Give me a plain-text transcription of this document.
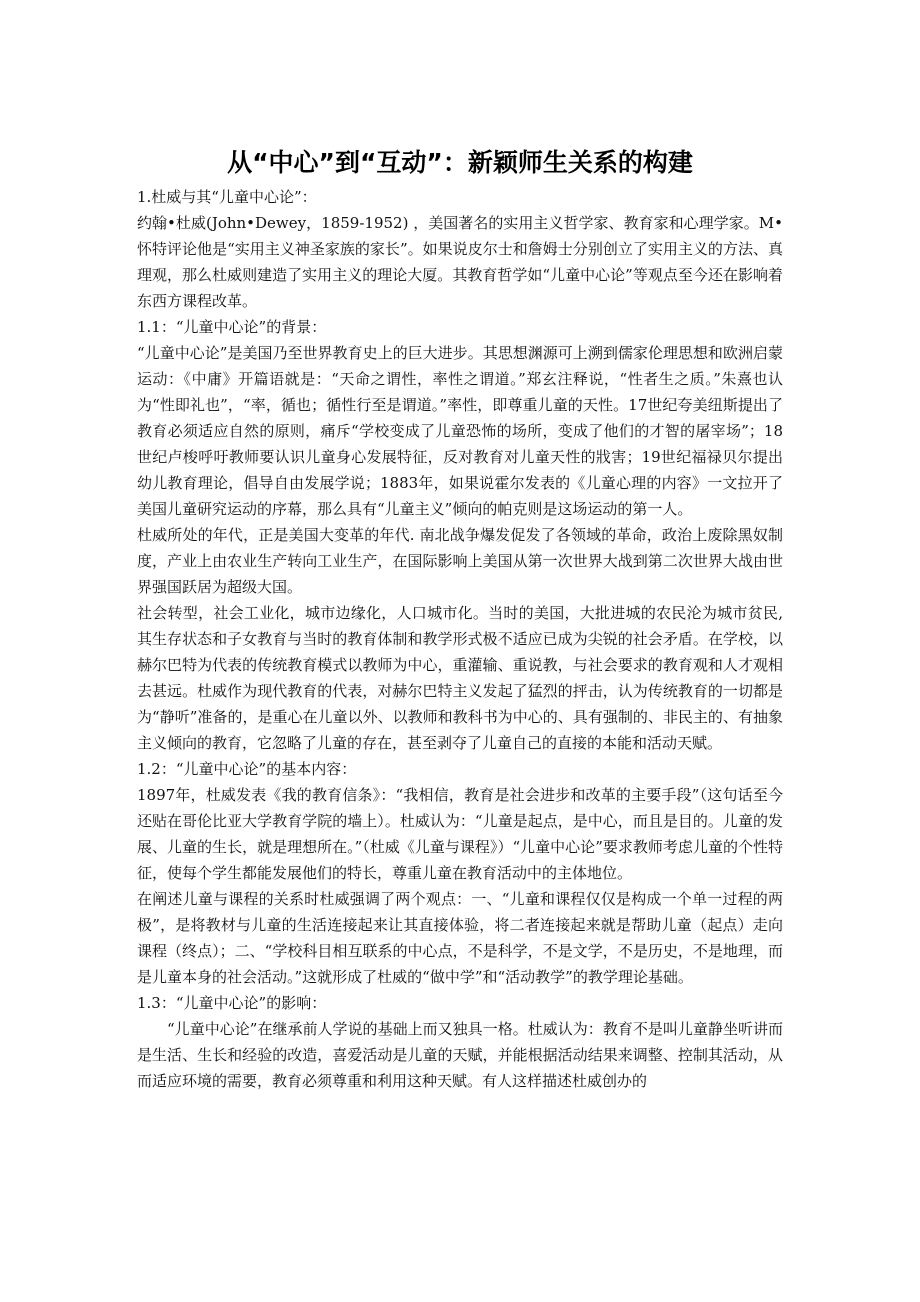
从“中心”到“互动”：新颖师生关系的构建

1.杜威与其“儿童中心论”：

约翰•杜威(John•Dewey，1859-1952) ，美国著名的实用主义哲学家、教育家和心理学家。M•怀特评论他是“实用主义神圣家族的家长”。如果说皮尔士和詹姆士分别创立了实用主义的方法、真理观，那么杜威则建造了实用主义的理论大厦。其教育哲学如“儿童中心论”等观点至今还在影响着东西方课程改革。

1.1：“儿童中心论”的背景：

“儿童中心论”是美国乃至世界教育史上的巨大进步。其思想渊源可上溯到儒家伦理思想和欧洲启蒙运动：《中庸》开篇语就是：“天命之谓性，率性之谓道。”郑玄注释说，“性者生之质。”朱熹也认为“性即礼也”，“率，循也；循性行至是谓道。”率性，即尊重儿童的天性。17世纪夸美纽斯提出了教育必须适应自然的原则，痛斥“学校变成了儿童恐怖的场所，变成了他们的才智的屠宰场”；18世纪卢梭呼吁教师要认识儿童身心发展特征，反对教育对儿童天性的戕害；19世纪福禄贝尔提出幼儿教育理论，倡导自由发展学说；1883年，如果说霍尔发表的《儿童心理的内容》一文拉开了美国儿童研究运动的序幕，那么具有“儿童主义”倾向的帕克则是这场运动的第一人。

杜威所处的年代，正是美国大变革的年代. 南北战争爆发促发了各领域的革命，政治上废除黑奴制度，产业上由农业生产转向工业生产，在国际影响上美国从第一次世界大战到第二次世界大战由世界强国跃居为超级大国。

社会转型，社会工业化，城市边缘化，人口城市化。当时的美国，大批进城的农民沦为城市贫民,其生存状态和子女教育与当时的教育体制和教学形式极不适应已成为尖锐的社会矛盾。在学校，以赫尔巴特为代表的传统教育模式以教师为中心，重灌输、重说教，与社会要求的教育观和人才观相去甚远。杜威作为现代教育的代表，对赫尔巴特主义发起了猛烈的抨击，认为传统教育的一切都是为“静听”准备的，是重心在儿童以外、以教师和教科书为中心的、具有强制的、非民主的、有抽象主义倾向的教育，它忽略了儿童的存在，甚至剥夺了儿童自己的直接的本能和活动天赋。

1.2：“儿童中心论”的基本内容：

1897年，杜威发表《我的教育信条》：“我相信，教育是社会进步和改革的主要手段”（这句话至今还贴在哥伦比亚大学教育学院的墙上）。杜威认为：“儿童是起点，是中心，而且是目的。儿童的发展、儿童的生长，就是理想所在。”（杜威《儿童与课程》）“儿童中心论”要求教师考虑儿童的个性特征，使每个学生都能发展他们的特长，尊重儿童在教育活动中的主体地位。

在阐述儿童与课程的关系时杜威强调了两个观点：一、“儿童和课程仅仅是构成一个单一过程的两极”，是将教材与儿童的生活连接起来让其直接体验，将二者连接起来就是帮助儿童（起点）走向课程（终点）；二、“学校科目相互联系的中心点，不是科学，不是文学，不是历史，不是地理，而是儿童本身的社会活动。”这就形成了杜威的“做中学”和“活动教学”的教学理论基础。

1.3：“儿童中心论”的影响：

“儿童中心论”在继承前人学说的基础上而又独具一格。杜威认为：教育不是叫儿童静坐听讲而是生活、生长和经验的改造，喜爱活动是儿童的天赋，并能根据活动结果来调整、控制其活动，从而适应环境的需要，教育必须尊重和利用这种天赋。有人这样描述杜威创办的
